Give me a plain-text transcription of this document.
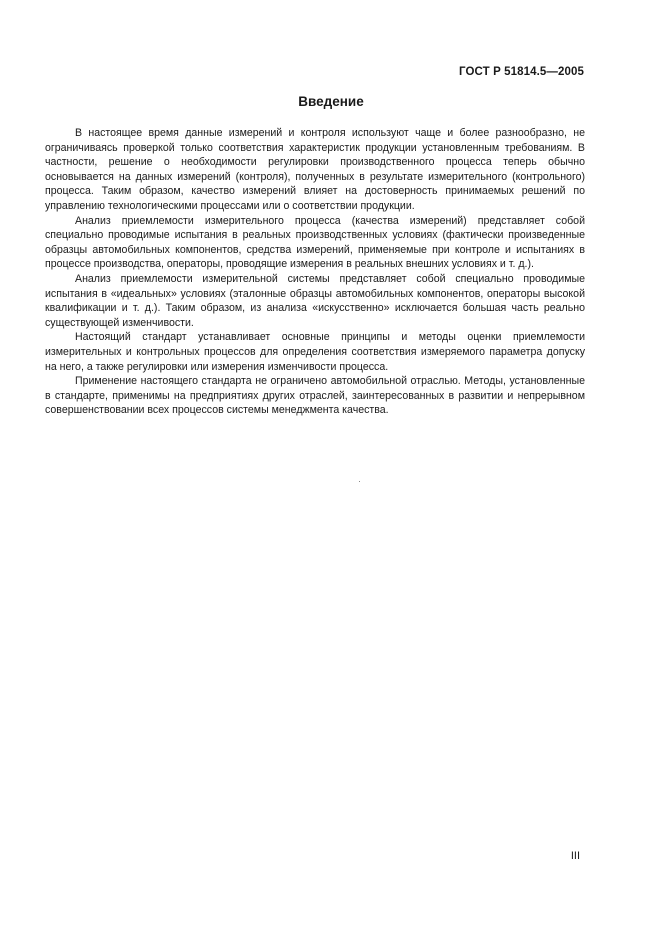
ГОСТ Р 51814.5—2005
Введение

В настоящее время данные измерений и контроля используют чаще и более разнообразно, не ограничиваясь проверкой только соответствия характеристик продукции установленным требованиям. В частности, решение о необходимости регулировки производственного процесса теперь обычно основывается на данных измерений (контроля), полученных в результате измерительного (контрольного) процесса. Таким образом, качество измерений влияет на достоверность принимаемых решений по управлению технологическими процессами или о соответствии продукции.

Анализ приемлемости измерительного процесса (качества измерений) представляет собой специально проводимые испытания в реальных производственных условиях (фактически произведенные образцы автомобильных компонентов, средства измерений, применяемые при контроле и испытаниях в процессе производства, операторы, проводящие измерения в реальных внешних условиях и т. д.).

Анализ приемлемости измерительной системы представляет собой специально проводимые испытания в «идеальных» условиях (эталонные образцы автомобильных компонентов, операторы высокой квалификации и т. д.). Таким образом, из анализа «искусственно» исключается большая часть реально существующей изменчивости.

Настоящий стандарт устанавливает основные принципы и методы оценки приемлемости измерительных и контрольных процессов для определения соответствия измеряемого параметра допуску на него, а также регулировки или измерения изменчивости процесса.

Применение настоящего стандарта не ограничено автомобильной отраслью. Методы, установленные в стандарте, применимы на предприятиях других отраслей, заинтересованных в развитии и непрерывном совершенствовании всех процессов системы менеджмента качества.

III
